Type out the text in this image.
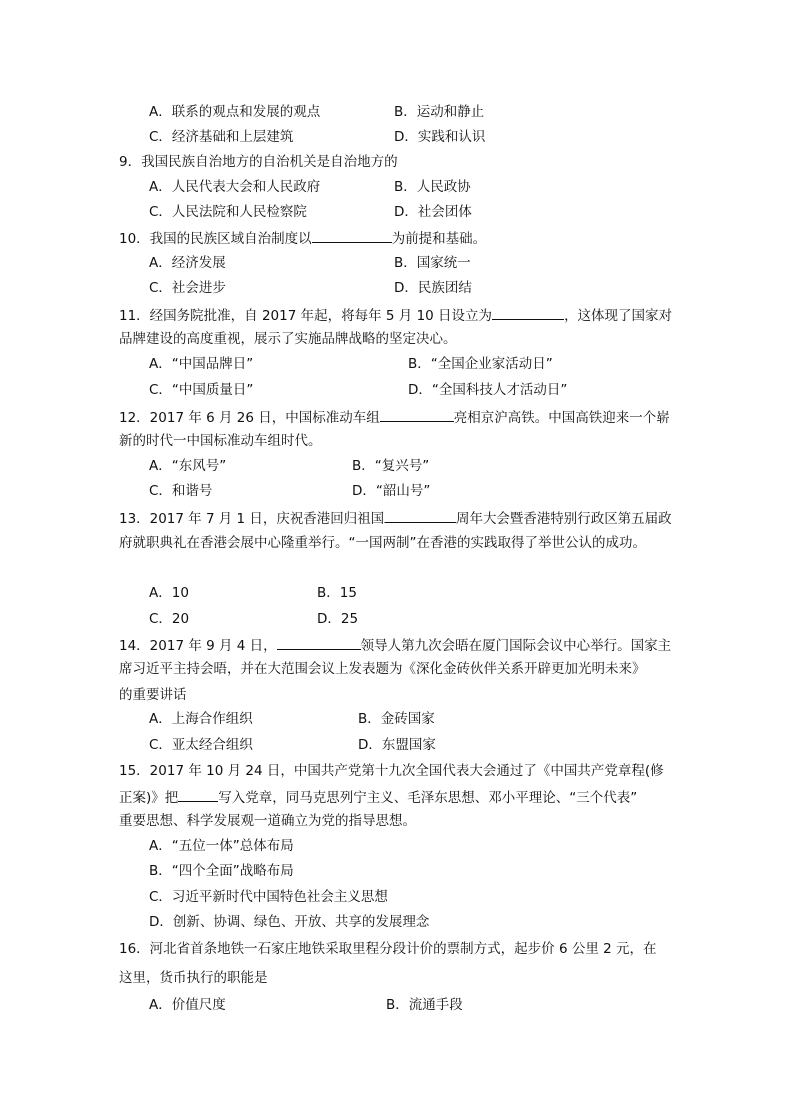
A．联系的观点和发展的观点	B．运动和静止
C．经济基础和上层建筑	D．实践和认识
9．我国民族自治地方的自治机关是自治地方的
A．人民代表大会和人民政府	B．人民政协
C．人民法院和人民检察院	D．社会团体
10．我国的民族区域自治制度以	为前提和基础。
A．经济发展	B．国家统一
C．社会进步	D．民族团结
11．经国务院批准，自 2017 年起，将每年 5 月 10 日设立为	，这体现了国家对
品牌建设的高度重视，展示了实施品牌战略的坚定决心。
A．“中国品牌日”	B．“全国企业家活动日”
C．“中国质量日”	D．“全国科技人才活动日”
12．2017 年 6 月 26 日，中国标准动车组	亮相京沪高铁。中国高铁迎来一个崭
新的时代一中国标准动车组时代。
A．“东风号”	B．“复兴号”
C．和谐号	D．“韶山号”
13．2017 年 7 月 1 日，庆祝香港回归祖国	周年大会暨香港特别行政区第五届政
府就职典礼在香港会展中心隆重举行。“一国两制”在香港的实践取得了举世公认的成功。
A．10	B．15
C．20	D．25
14．2017 年 9 月 4 日，	领导人第九次会晤在厦门国际会议中心举行。国家主
席习近平主持会晤，并在大范围会议上发表题为《深化金砖伙伴关系开辟更加光明未来》
的重要讲话
A．上海合作组织	B．金砖国家
C．亚太经合组织	D．东盟国家
15．2017 年 10 月 24 日，中国共产党第十九次全国代表大会通过了《中国共产党章程(修
正案)》把	写入党章，同马克思列宁主义、毛泽东思想、邓小平理论、“三个代表”
重要思想、科学发展观一道确立为党的指导思想。
A．“五位一体”总体布局
B．“四个全面”战略布局
C．习近平新时代中国特色社会主义思想
D．创新、协调、绿色、开放、共享的发展理念
16．河北省首条地铁一石家庄地铁采取里程分段计价的票制方式，起步价 6 公里 2 元，在
这里，货币执行的职能是
A．价值尺度	B．流通手段
